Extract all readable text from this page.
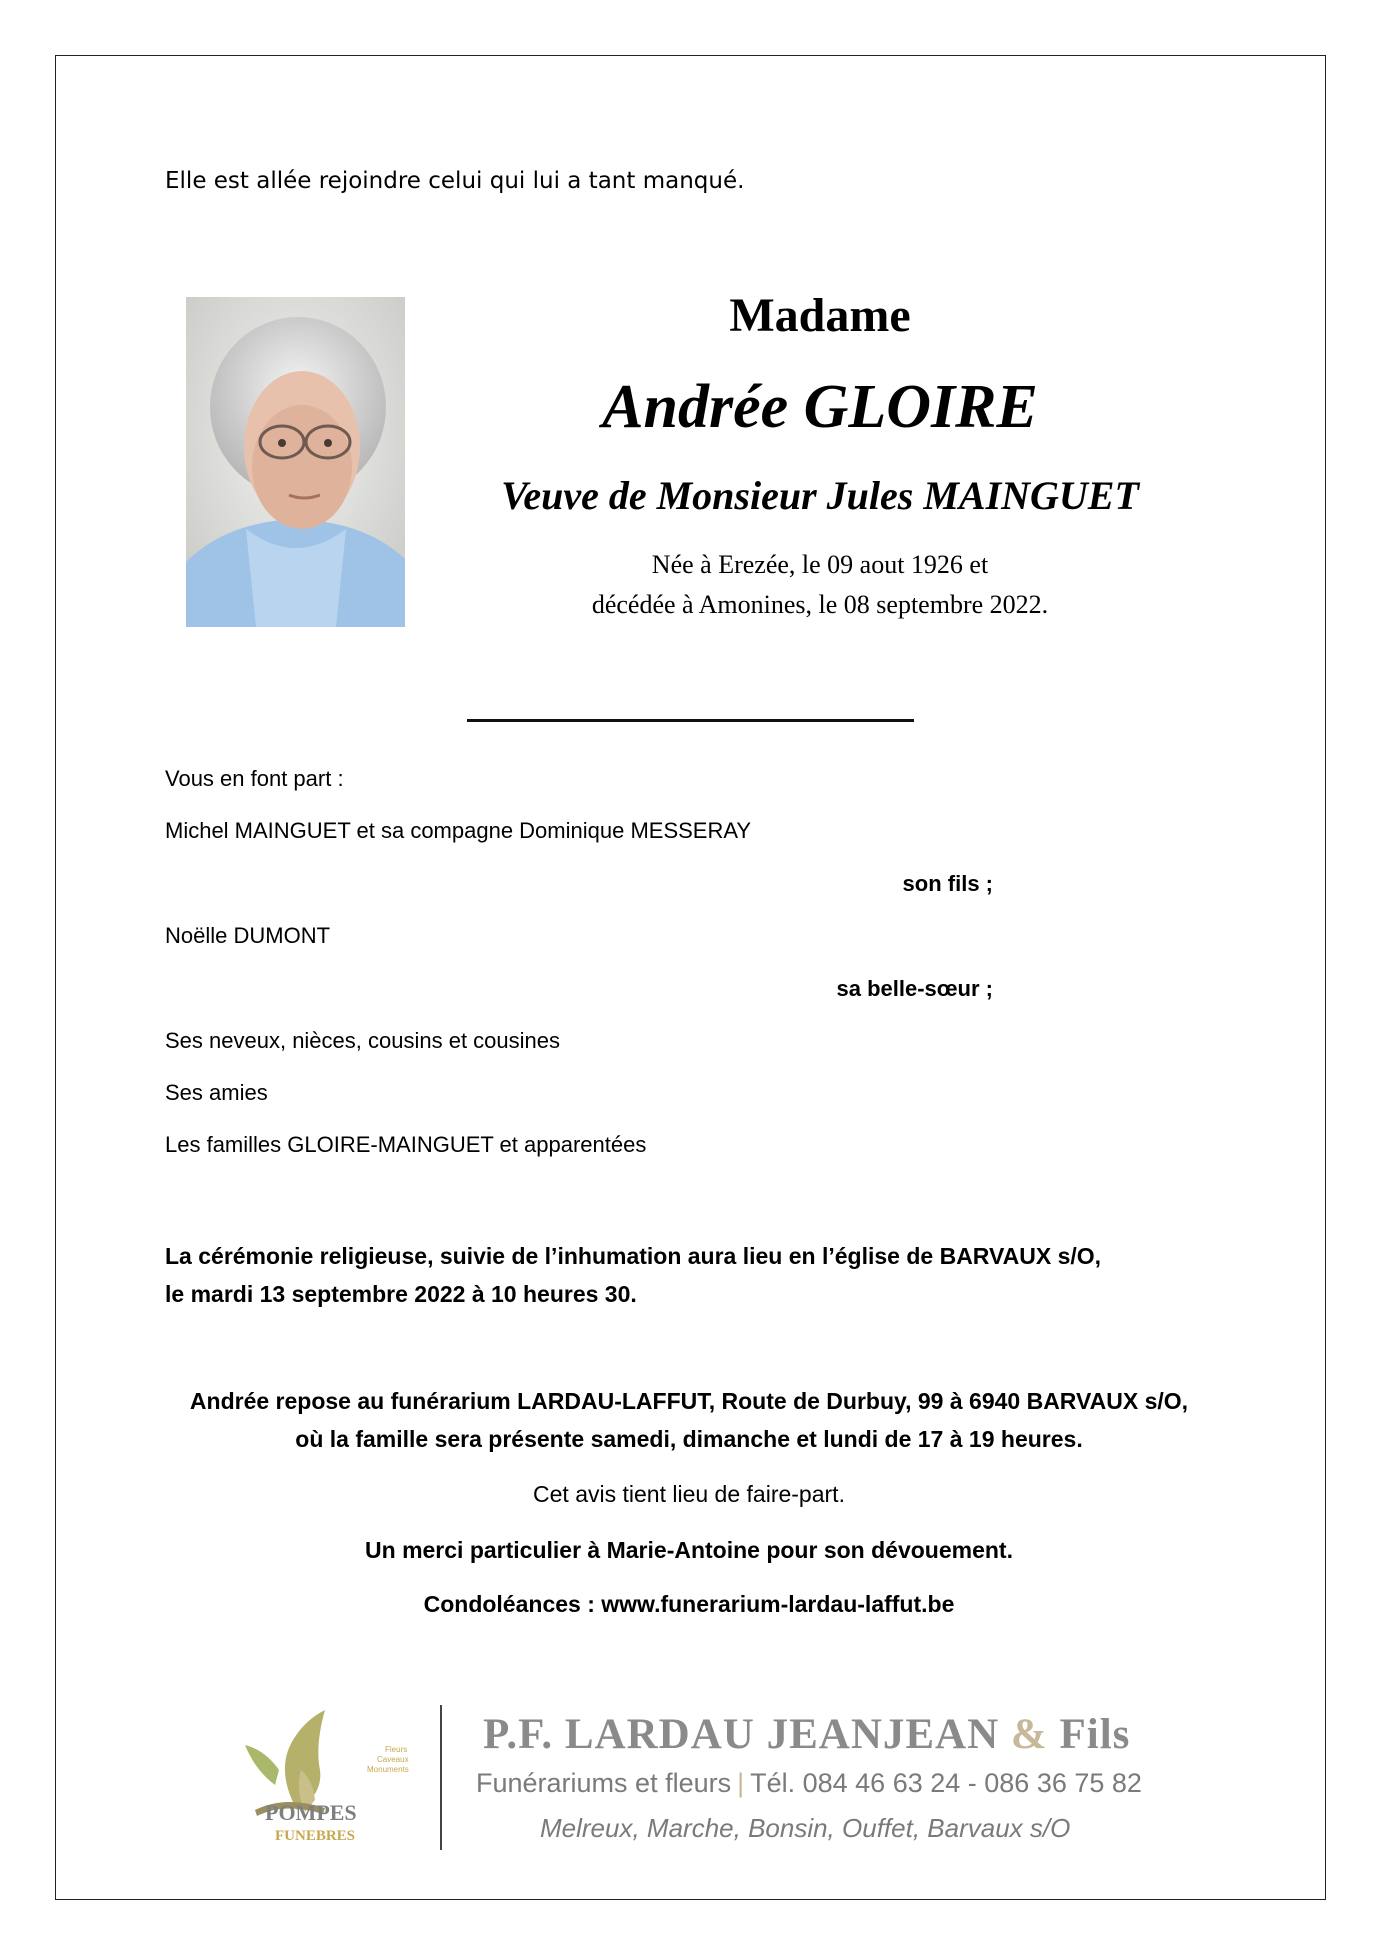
Elle est allée rejoindre celui qui lui a tant manqué.
Madame
Andrée GLOIRE
Veuve de Monsieur Jules MAINGUET
Née à Erezée, le 09 aout 1926 et
décédée à Amonines, le 08 septembre 2022.
Vous en font part :
Michel MAINGUET et sa compagne Dominique MESSERAY
son fils ;
Noëlle DUMONT
sa belle-sœur ;
Ses neveux, nièces, cousins et cousines
Ses amies
Les familles GLOIRE-MAINGUET et apparentées
La cérémonie religieuse, suivie de l’inhumation aura lieu en l’église de BARVAUX s/O,
le mardi 13 septembre 2022 à 10 heures 30.
Andrée repose au funérarium LARDAU-LAFFUT, Route de Durbuy, 99 à 6940 BARVAUX s/O,
où la famille sera présente samedi, dimanche et lundi de 17 à 19 heures.
Cet avis tient lieu de faire-part.
Un merci particulier à Marie-Antoine pour son dévouement.
Condoléances : www.funerarium-lardau-laffut.be
POMPES
FUNEBRES
Fleurs
Caveaux
Monuments
P.F. LARDAU JEANJEAN & Fils
Funérariums et fleurs | Tél. 084 46 63 24 - 086 36 75 82
Melreux, Marche, Bonsin, Ouffet, Barvaux s/O
